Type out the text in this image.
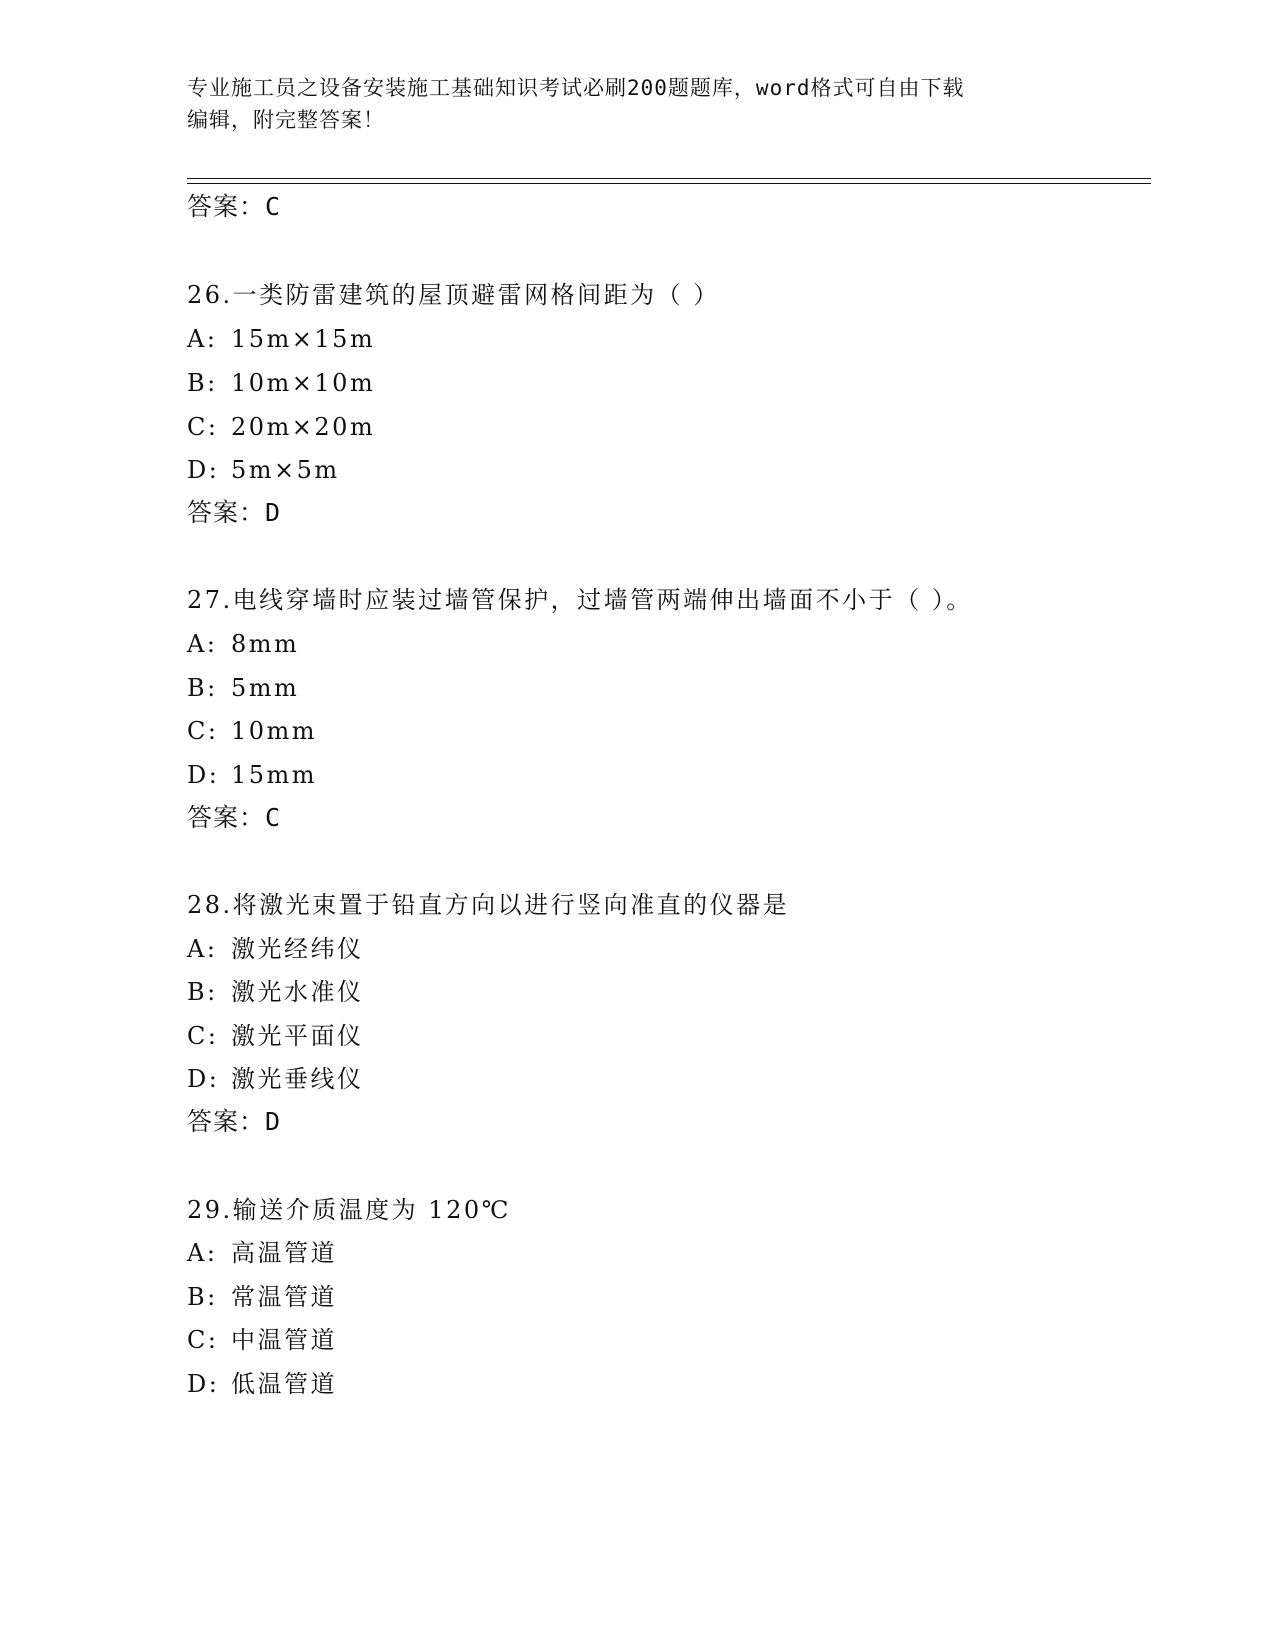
专业施工员之设备安装施工基础知识考试必刷200题题库，word格式可自由下载
编辑，附完整答案！
答案：C
26.一类防雷建筑的屋顶避雷网格间距为（ ）
A: 15m×15m
B: 10m×10m
C: 20m×20m
D: 5m×5m
答案：D
27.电线穿墙时应装过墙管保护，过墙管两端伸出墙面不小于（ ）。
A: 8mm
B: 5mm
C: 10mm
D: 15mm
答案：C
28.将激光束置于铅直方向以进行竖向准直的仪器是
A: 激光经纬仪
B: 激光水准仪
C: 激光平面仪
D: 激光垂线仪
答案：D
29.输送介质温度为 120℃
A: 高温管道
B: 常温管道
C: 中温管道
D: 低温管道
